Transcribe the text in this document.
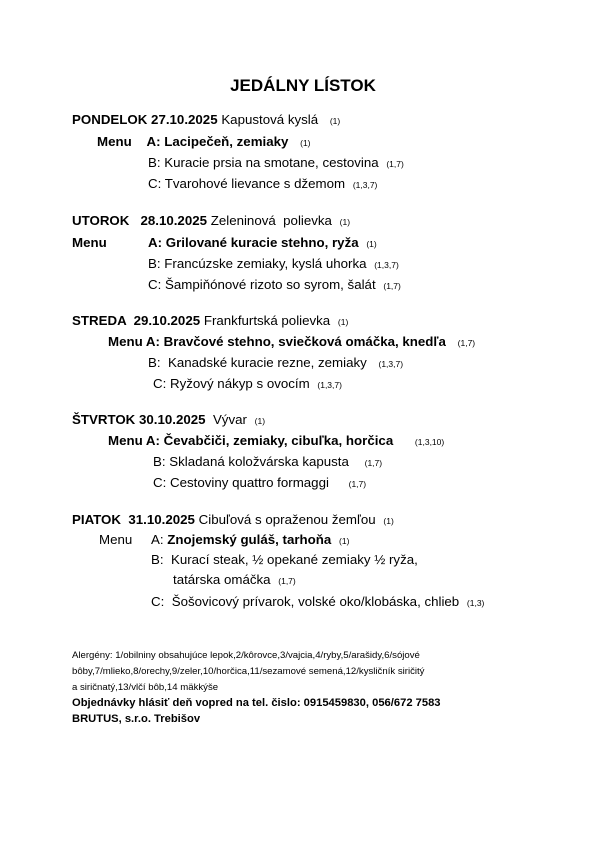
JEDÁLNY LÍSTOK
PONDELOK 27.10.2025 Kapustová kyslá (1)
Menu A: Lacipečeň, zemiaky (1)
B: Kuracie prsia na smotane, cestovina (1,7)
C: Tvarohové lievance s džemom (1,3,7)
UTOROK   28.10.2025 Zeleninová  polievka (1)
Menu	A: Grilované kuracie stehno, ryža (1)
B: Francúzske zemiaky, kyslá uhorka (1,3,7)
C: Šampiňónové rizoto so syrom, šalát (1,7)
STREDA  29.10.2025 Frankfurtská polievka (1)
Menu A: Bravčové stehno, sviečková omáčka, knedľa (1,7)
B: Kanadské kuracie rezne, zemiaky (1,3,7)
C: Ryžový nákyp s ovocím (1,3,7)
ŠTVRTOK 30.10.2025 Vývar (1)
Menu A: Čevabčiči, zemiaky, cibuľka, horčica	(1,3,10)
B: Skladaná koložvárska kapusta (1,7)
C: Cestoviny quattro formaggi (1,7)
PIATOK  31.10.2025 Cibuľová s opraženou žemľou (1)
Menu A: Znojemský guláš, tarhoňa (1)
B: Kurací steak, ½ opekané zemiaky ½ ryža,
tatárska omáčka (1,7)
C: Šošovicový prívarok, volské oko/klobáska, chlieb (1,3)
Alergény: 1/obilniny obsahujúce lepok,2/kôrovce,3/vajcia,4/ryby,5/arašidy,6/sójové
bôby,7/mlieko,8/orechy,9/zeler,10/horčica,11/sezamové semená,12/kysličník siričitý
a siričnatý,13/vlčí bôb,14 mäkkýše
Objednávky hlásiť deň vopred na tel. čislo: 0915459830, 056/672 7583
BRUTUS, s.r.o. Trebišov
